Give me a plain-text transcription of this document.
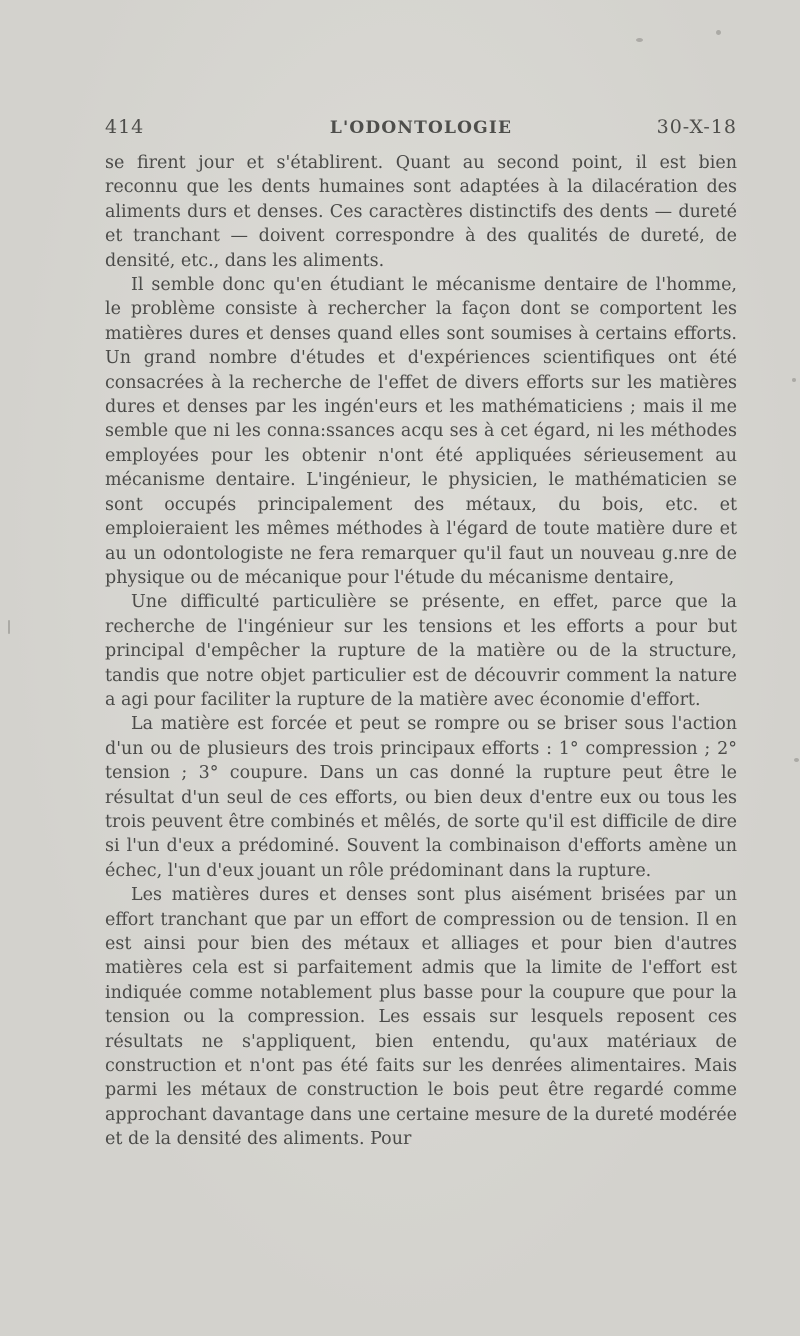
414	L'ODONTOLOGIE	30-X-18

se firent jour et s'établirent. Quant au second point, il est bien reconnu que les dents humaines sont adaptées à la dilacération des aliments durs et denses. Ces caractères distinctifs des dents — dureté et tranchant — doivent correspondre à des qualités de dureté, de densité, etc., dans les aliments.

Il semble donc qu'en étudiant le mécanisme dentaire de l'homme, le problème consiste à rechercher la façon dont se comportent les matières dures et denses quand elles sont soumises à certains efforts. Un grand nombre d'études et d'expériences scientifiques ont été consacrées à la recherche de l'effet de divers efforts sur les matières dures et denses par les ingén'eurs et les mathématiciens ; mais il me semble que ni les conna:ssances acqu ses à cet égard, ni les méthodes employées pour les obtenir n'ont été appliquées sérieusement au mécanisme dentaire. L'ingénieur, le physicien, le mathématicien se sont occupés principalement des métaux, du bois, etc. et emploieraient les mêmes méthodes à l'égard de toute matière dure et au un odontologiste ne fera remarquer qu'il faut un nouveau g.nre de physique ou de mécanique pour l'étude du mécanisme dentaire,

Une difficulté particulière se présente, en effet, parce que la recherche de l'ingénieur sur les tensions et les efforts a pour but principal d'empêcher la rupture de la matière ou de la structure, tandis que notre objet particulier est de découvrir comment la nature a agi pour faciliter la rupture de la matière avec économie d'effort.

La matière est forcée et peut se rompre ou se briser sous l'action d'un ou de plusieurs des trois principaux efforts : 1° compression ; 2° tension ; 3° coupure. Dans un cas donné la rupture peut être le résultat d'un seul de ces efforts, ou bien deux d'entre eux ou tous les trois peuvent être combinés et mêlés, de sorte qu'il est difficile de dire si l'un d'eux a prédominé. Souvent la combinaison d'efforts amène un échec, l'un d'eux jouant un rôle prédominant dans la rupture.

Les matières dures et denses sont plus aisément brisées par un effort tranchant que par un effort de compression ou de tension. Il en est ainsi pour bien des métaux et alliages et pour bien d'autres matières cela est si parfaitement admis que la limite de l'effort est indiquée comme notablement plus basse pour la coupure que pour la tension ou la compression. Les essais sur lesquels reposent ces résultats ne s'appliquent, bien entendu, qu'aux matériaux de construction et n'ont pas été faits sur les denrées alimentaires. Mais parmi les métaux de construction le bois peut être regardé comme approchant davantage dans une certaine mesure de la dureté modérée et de la densité des aliments. Pour
